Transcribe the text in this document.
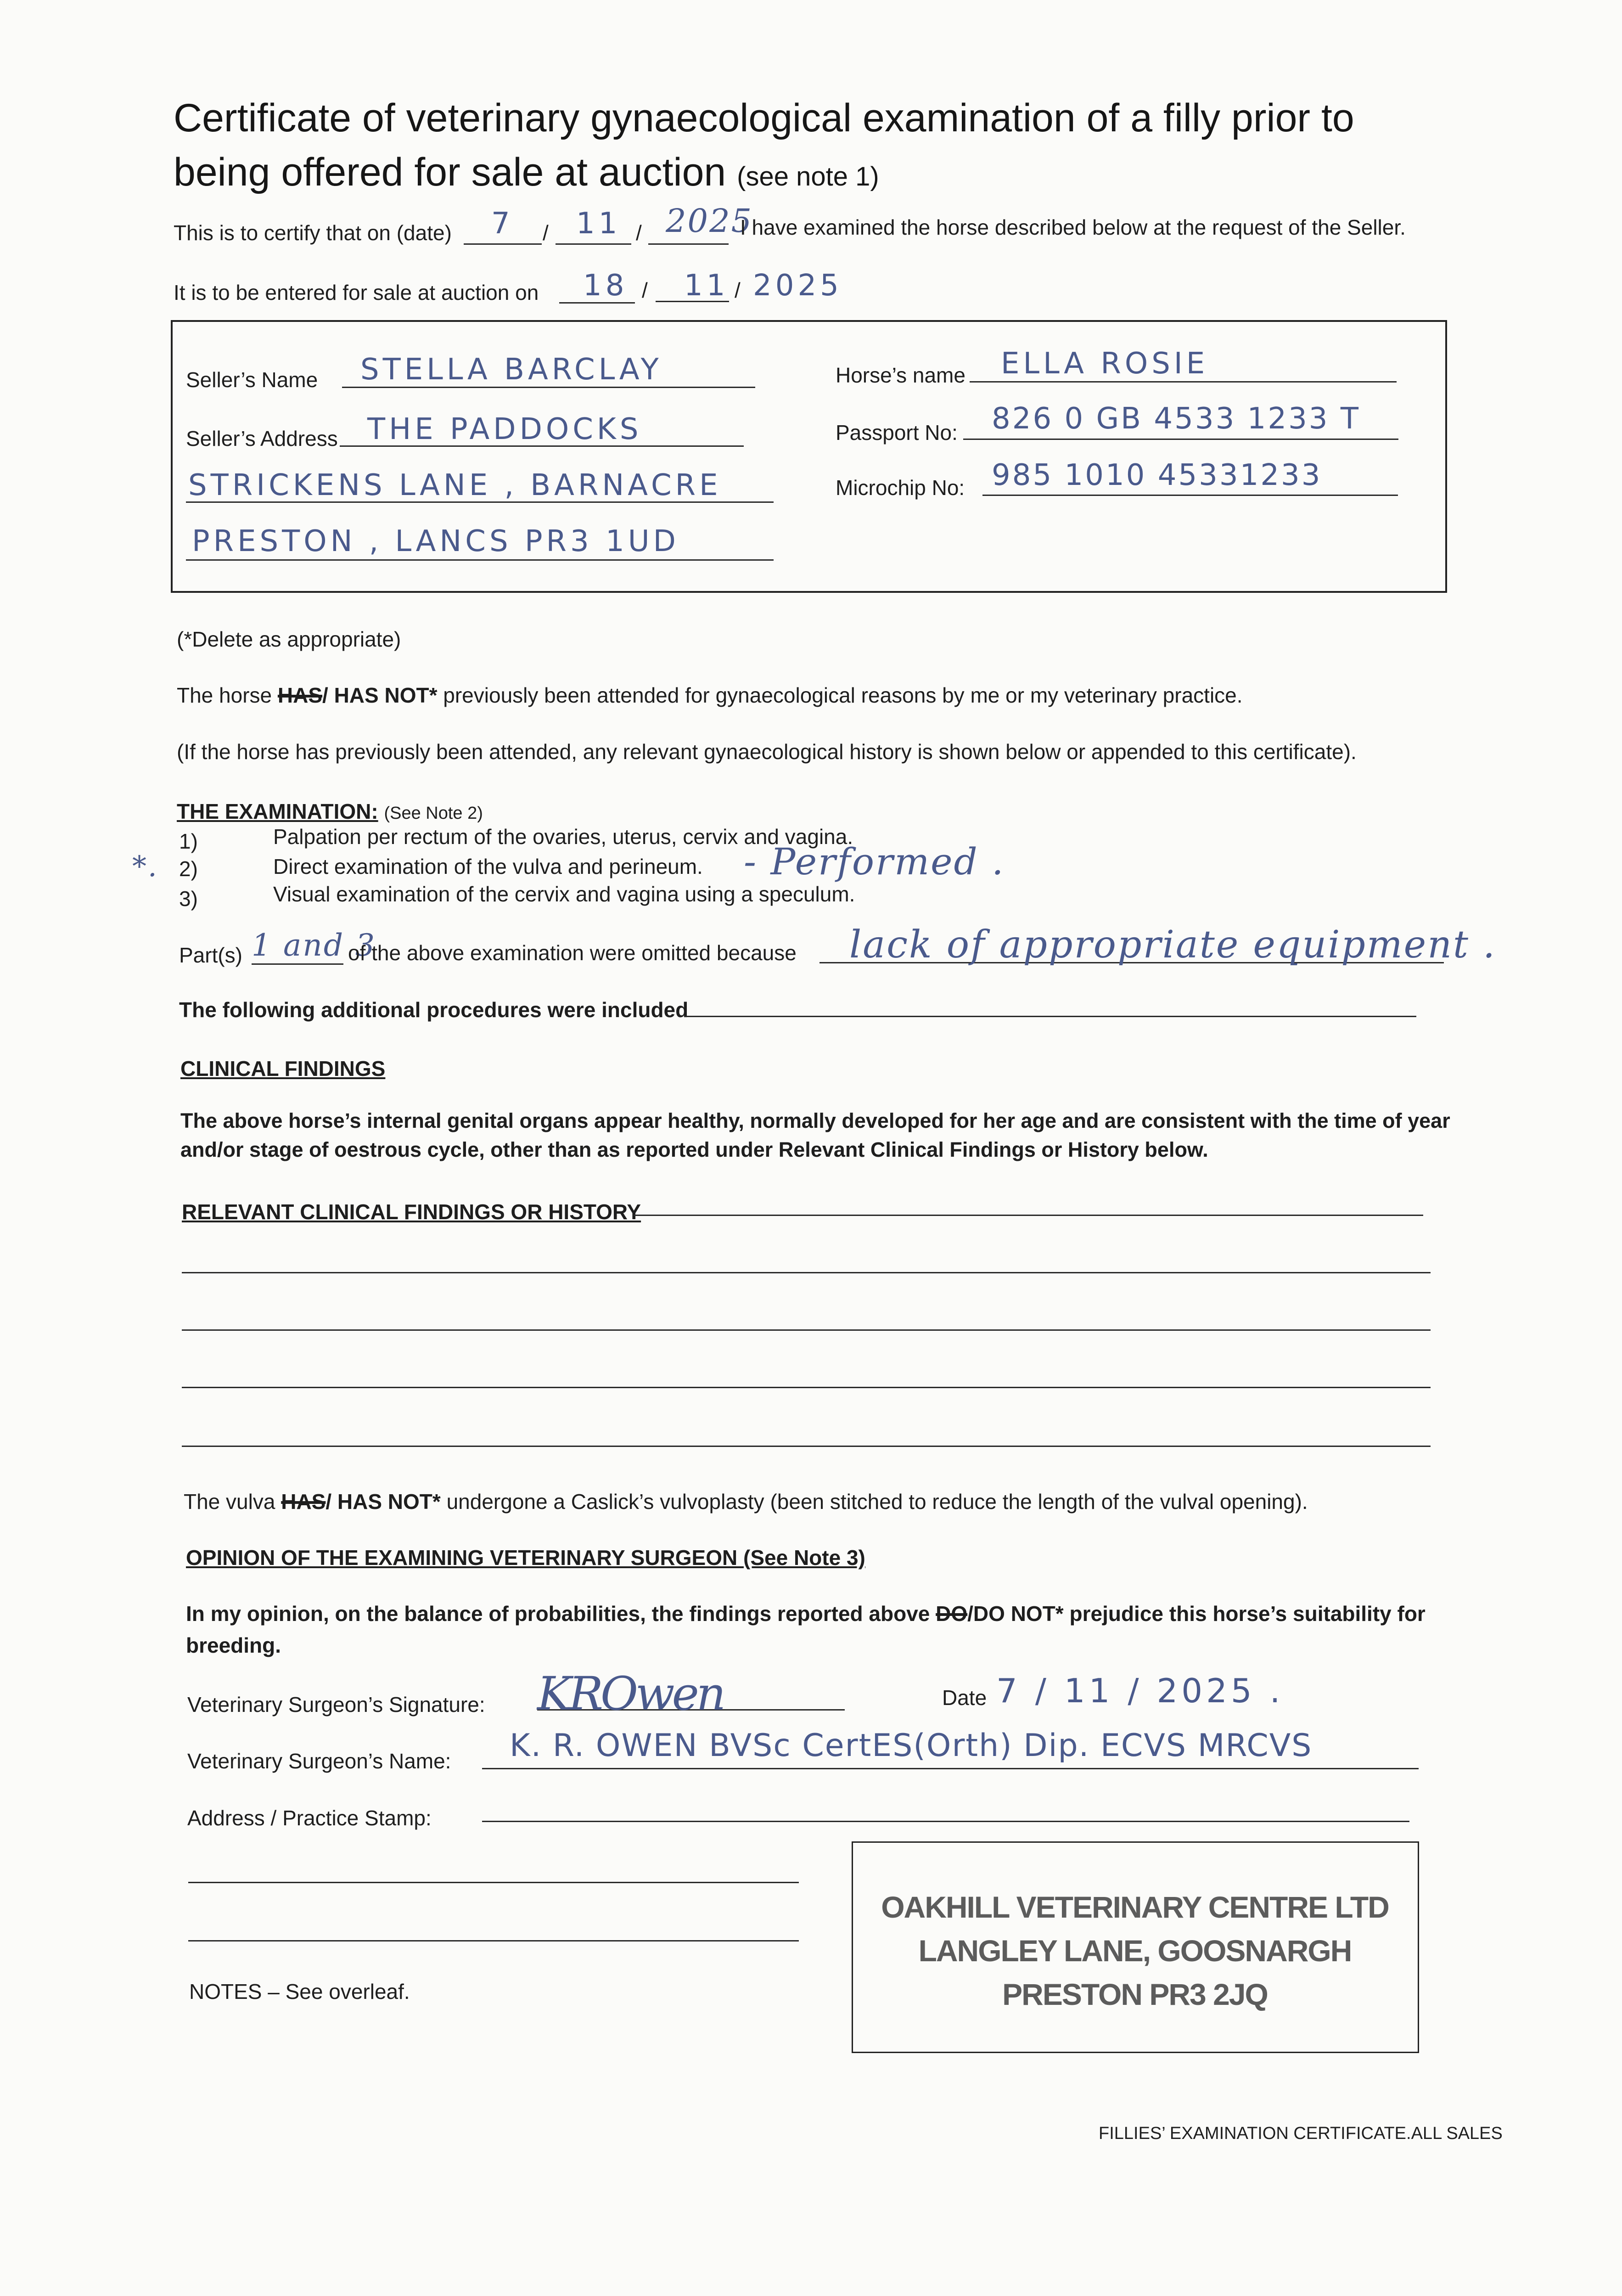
Certificate of veterinary gynaecological examination of a filly prior to
being offered for sale at auction (see note 1)
This is to certify that on (date) 7 / 11 / 2025
I have examined the horse described below at the request of the Seller.
It is to be entered for sale at auction on 18 / 11 / 2025
Seller’s Name STELLA BARCLAY
Seller’s Address THE PADDOCKS
STRICKENS LANE , BARNACRE
PRESTON , LANCS PR3 1UD
Horse’s name ELLA ROSIE
Passport No: 826 0 GB 4533 1233 T
Microchip No: 985 1010 45331233
(*Delete as appropriate)
The horse HAS/ HAS NOT* previously been attended for gynaecological reasons by me or my veterinary practice.
(If the horse has previously been attended, any relevant gynaecological history is shown below or appended to this certificate).
THE EXAMINATION: (See Note 2)
1)	Palpation per rectum of the ovaries, uterus, cervix and vagina.
*. 2)	Direct examination of the vulva and perineum. - Performed .
3)	Visual examination of the cervix and vagina using a speculum.
Part(s) 1 and 3
of the above examination were omitted because lack of appropriate equipment .
The following additional procedures were included
CLINICAL FINDINGS
The above horse’s internal genital organs appear healthy, normally developed for her age and are consistent with the time of year
and/or stage of oestrous cycle, other than as reported under Relevant Clinical Findings or History below.
RELEVANT CLINICAL FINDINGS OR HISTORY
The vulva HAS/ HAS NOT* undergone a Caslick’s vulvoplasty (been stitched to reduce the length of the vulval opening).
OPINION OF THE EXAMINING VETERINARY SURGEON (See Note 3)
In my opinion, on the balance of probabilities, the findings reported above DO/DO NOT* prejudice this horse’s suitability for
breeding.
Veterinary Surgeon’s Signature: KROwen	Date 7 / 11 / 2025 .
Veterinary Surgeon’s Name: K. R. OWEN BVSc CertES(Orth) Dip. ECVS MRCVS
Address / Practice Stamp:
OAKHILL VETERINARY CENTRE LTD
LANGLEY LANE, GOOSNARGH
PRESTON PR3 2JQ
NOTES – See overleaf.
FILLIES’ EXAMINATION CERTIFICATE.ALL SALES
